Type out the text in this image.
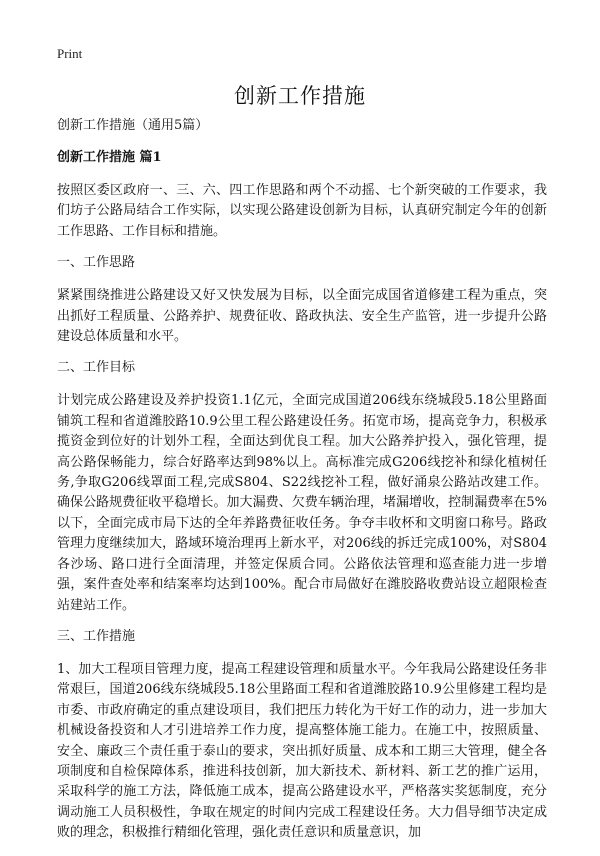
Print
创新工作措施

创新工作措施（通用5篇）

创新工作措施 篇1

按照区委区政府一、三、六、四工作思路和两个不动摇、七个新突破的工作要求，我们坊子公路局结合工作实际，以实现公路建设创新为目标，认真研究制定今年的创新工作思路、工作目标和措施。

一、工作思路

紧紧围绕推进公路建设又好又快发展为目标，以全面完成国省道修建工程为重点，突出抓好工程质量、公路养护、规费征收、路政执法、安全生产监管，进一步提升公路建设总体质量和水平。

二、工作目标

计划完成公路建设及养护投资1.1亿元，全面完成国道206线东绕城段5.18公里路面铺筑工程和省道潍胶路10.9公里工程公路建设任务。拓宽市场，提高竞争力，积极承揽资金到位好的计划外工程，全面达到优良工程。加大公路养护投入，强化管理，提高公路保畅能力，综合好路率达到98%以上。高标准完成G206线挖补和绿化植树任务,争取G206线罩面工程,完成S804、S22线挖补工程，做好涌泉公路站改建工作。确保公路规费征收平稳增长。加大漏费、欠费车辆治理，堵漏增收，控制漏费率在5%以下，全面完成市局下达的全年养路费征收任务。争夺丰收杯和文明窗口称号。路政管理力度继续加大，路域环境治理再上新水平，对206线的拆迁完成100%，对S804各沙场、路口进行全面清理，并签定保质合同。公路依法管理和巡查能力进一步增强，案件查处率和结案率均达到100%。配合市局做好在潍胶路收费站设立超限检查站建站工作。

三、工作措施

1、加大工程项目管理力度，提高工程建设管理和质量水平。今年我局公路建设任务非常艰巨，国道206线东绕城段5.18公里路面工程和省道潍胶路10.9公里修建工程均是市委、市政府确定的重点建设项目，我们把压力转化为干好工作的动力，进一步加大机械设备投资和人才引进培养工作力度，提高整体施工能力。在施工中，按照质量、安全、廉政三个责任重于泰山的要求，突出抓好质量、成本和工期三大管理，健全各项制度和自检保障体系，推进科技创新，加大新技术、新材料、新工艺的推广运用，采取科学的施工方法，降低施工成本，提高公路建设水平，严格落实奖惩制度，充分调动施工人员积极性，争取在规定的时间内完成工程建设任务。大力倡导细节决定成败的理念，积极推行精细化管理，强化责任意识和质量意识，加
